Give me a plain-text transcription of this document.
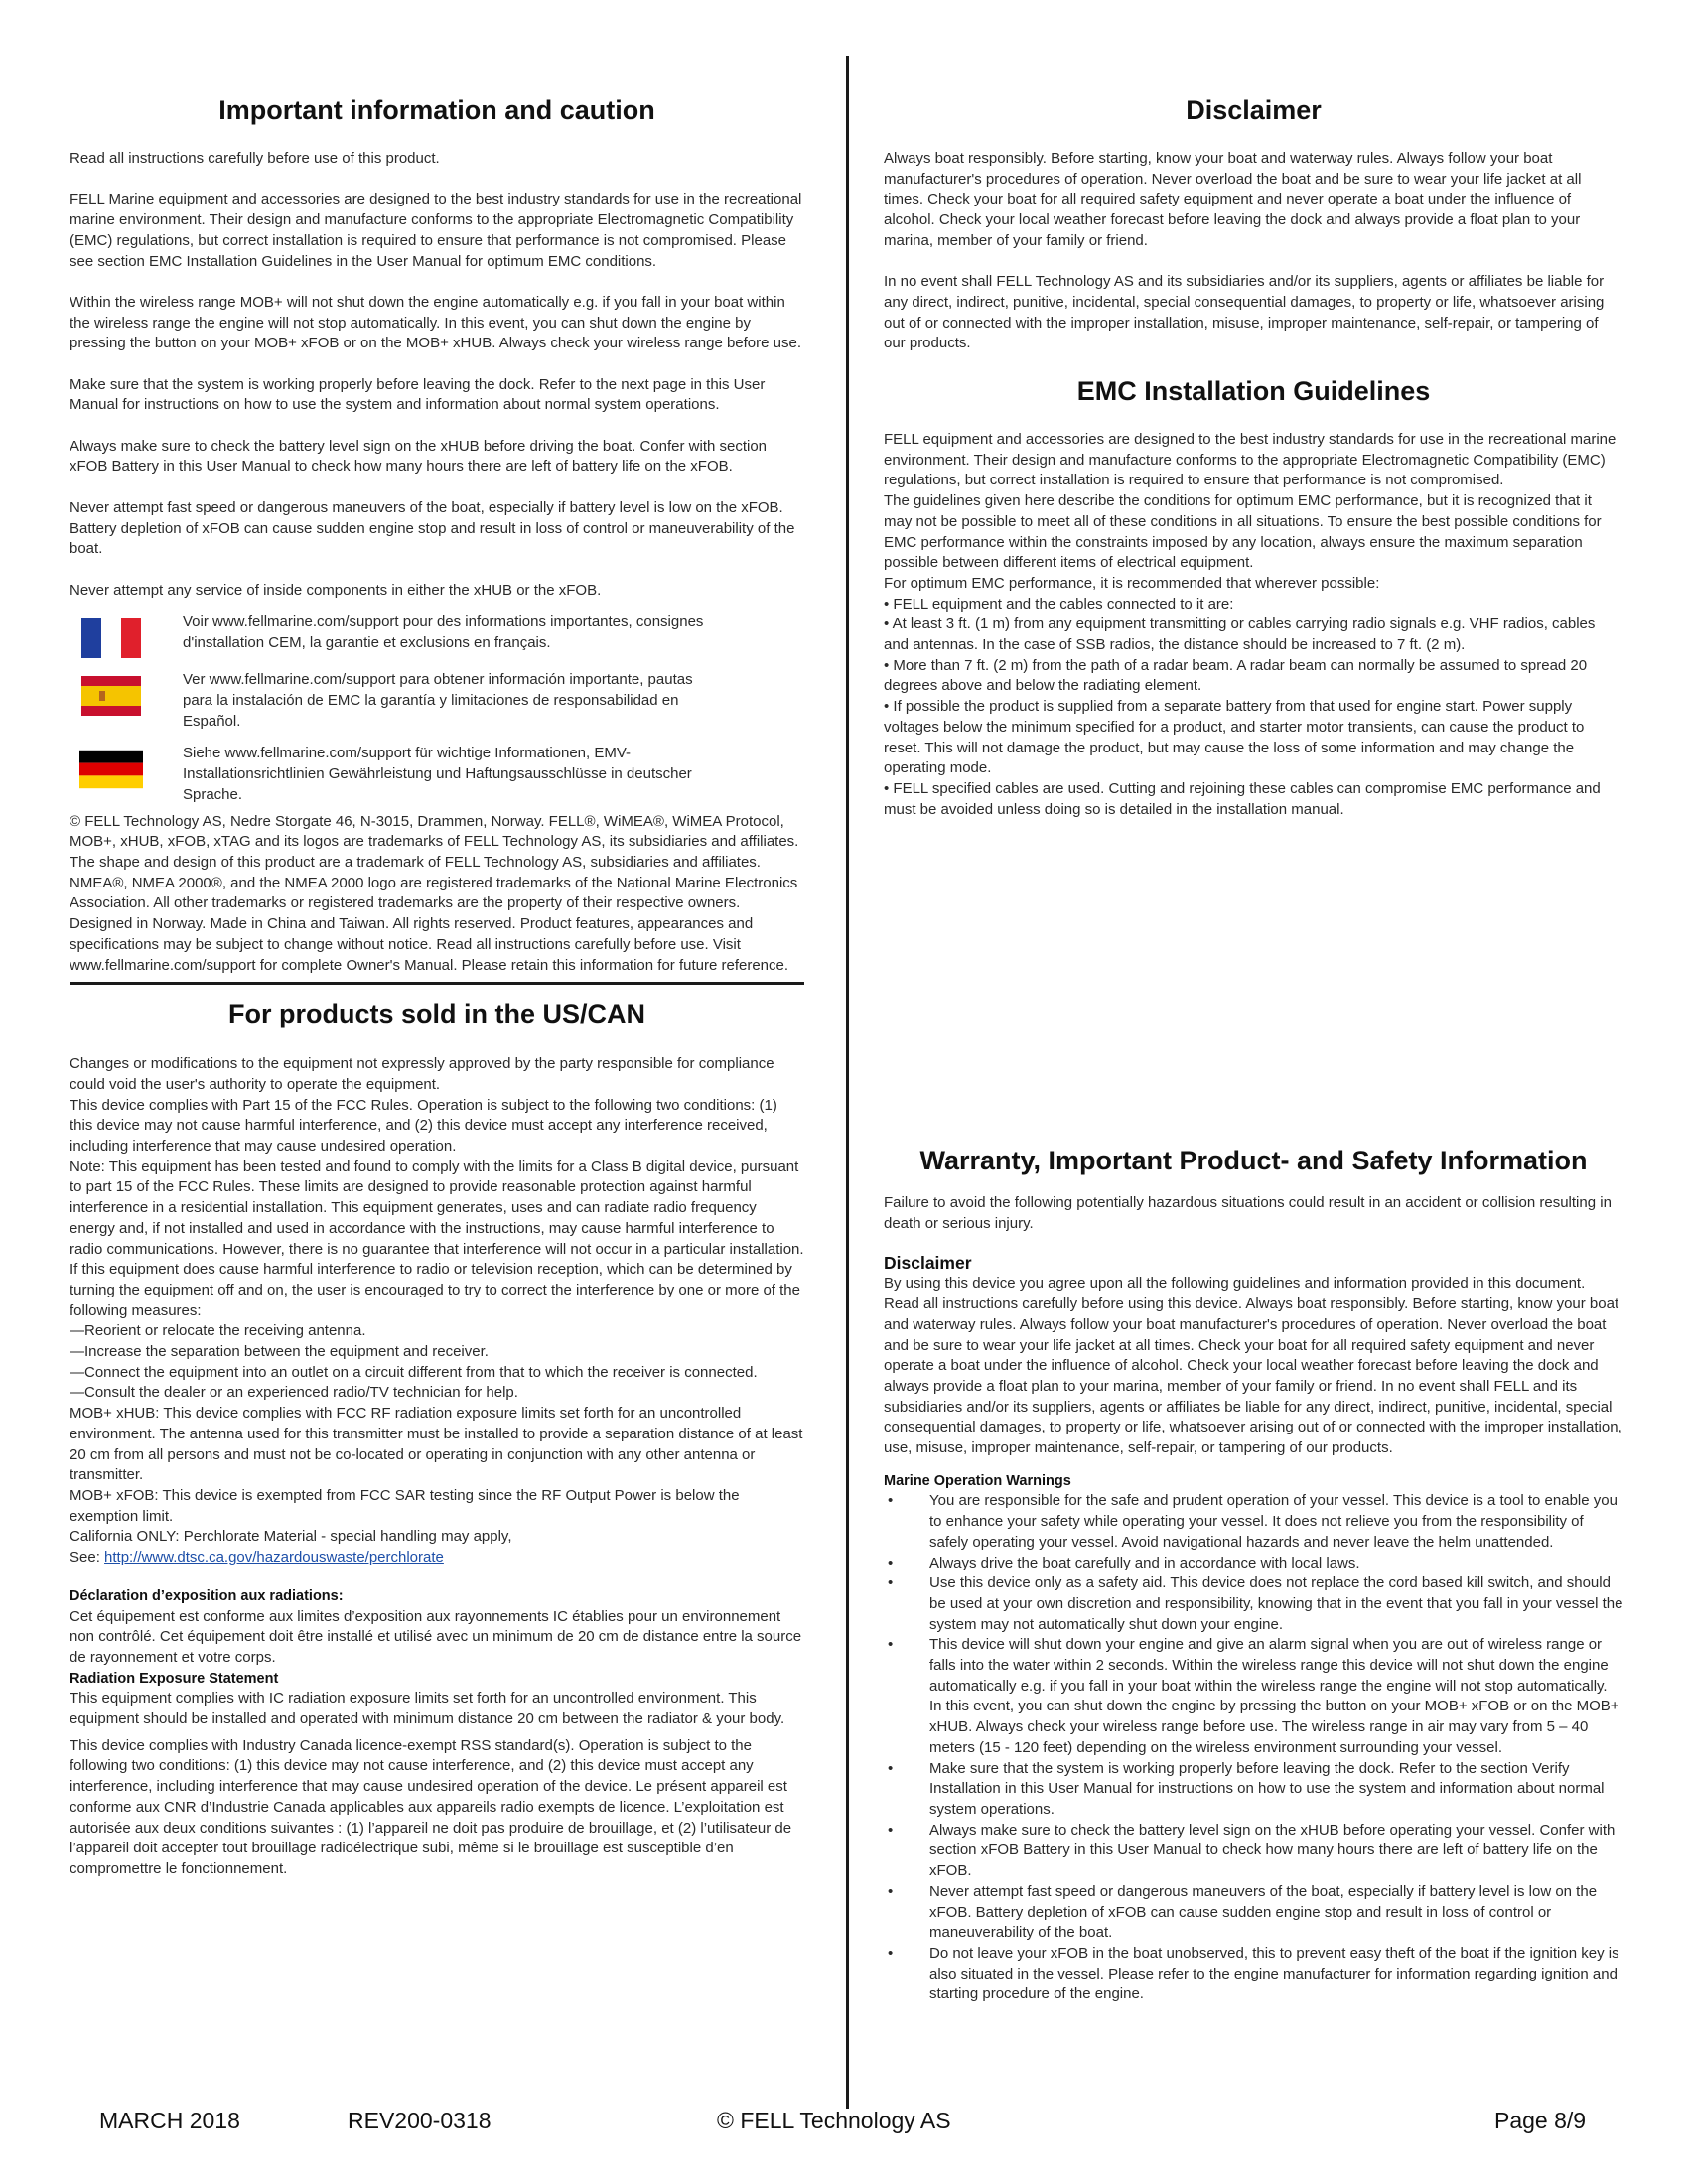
Important information and caution

Read all instructions carefully before use of this product.

FELL Marine equipment and accessories are designed to the best industry standards for use in the recreational marine environment. Their design and manufacture conforms to the appropriate Electromagnetic Compatibility (EMC) regulations, but correct installation is required to ensure that performance is not compromised. Please see section EMC Installation Guidelines in the User Manual for optimum EMC conditions.

Within the wireless range MOB+ will not shut down the engine automatically e.g. if you fall in your boat within the wireless range the engine will not stop automatically. In this event, you can shut down the engine by pressing the button on your MOB+ xFOB or on the MOB+ xHUB. Always check your wireless range before use.

Make sure that the system is working properly before leaving the dock. Refer to the next page in this User Manual for instructions on how to use the system and information about normal system operations.

Always make sure to check the battery level sign on the xHUB before driving the boat. Confer with section xFOB Battery in this User Manual to check how many hours there are left of battery life on the xFOB.

Never attempt fast speed or dangerous maneuvers of the boat, especially if battery level is low on the xFOB. Battery depletion of xFOB can cause sudden engine stop and result in loss of control or maneuverability of the boat.

Never attempt any service of inside components in either the xHUB or the xFOB.

Voir www.fellmarine.com/support pour des informations importantes, consignes d'installation CEM, la garantie et exclusions en français.

Ver www.fellmarine.com/support para obtener información importante, pautas para la instalación de EMC la garantía y limitaciones de responsabilidad en Español.

Siehe www.fellmarine.com/support für wichtige Informationen, EMV-Installationsrichtlinien Gewährleistung und Haftungsausschlüsse in deutscher Sprache.

© FELL Technology AS, Nedre Storgate 46, N-3015, Drammen, Norway. FELL®, WiMEA®, WiMEA Protocol, MOB+, xHUB, xFOB, xTAG and its logos are trademarks of FELL Technology AS, its subsidiaries and affiliates. The shape and design of this product are a trademark of FELL Technology AS, subsidiaries and affiliates. NMEA®, NMEA 2000®, and the NMEA 2000 logo are registered trademarks of the National Marine Electronics Association. All other trademarks or registered trademarks are the property of their respective owners. Designed in Norway. Made in China and Taiwan. All rights reserved. Product features, appearances and specifications may be subject to change without notice. Read all instructions carefully before use. Visit www.fellmarine.com/support for complete Owner's Manual. Please retain this information for future reference.

For products sold in the US/CAN

Changes or modifications to the equipment not expressly approved by the party responsible for compliance could void the user's authority to operate the equipment.

This device complies with Part 15 of the FCC Rules. Operation is subject to the following two conditions: (1) this device may not cause harmful interference, and (2) this device must accept any interference received, including interference that may cause undesired operation.

Note: This equipment has been tested and found to comply with the limits for a Class B digital device, pursuant to part 15 of the FCC Rules. These limits are designed to provide reasonable protection against harmful interference in a residential installation. This equipment generates, uses and can radiate radio frequency energy and, if not installed and used in accordance with the instructions, may cause harmful interference to radio communications. However, there is no guarantee that interference will not occur in a particular installation. If this equipment does cause harmful interference to radio or television reception, which can be determined by turning the equipment off and on, the user is encouraged to try to correct the interference by one or more of the following measures:

—Reorient or relocate the receiving antenna.

—Increase the separation between the equipment and receiver.

—Connect the equipment into an outlet on a circuit different from that to which the receiver is connected.

—Consult the dealer or an experienced radio/TV technician for help.

MOB+ xHUB: This device complies with FCC RF radiation exposure limits set forth for an uncontrolled environment. The antenna used for this transmitter must be installed to provide a separation distance of at least 20 cm from all persons and must not be co-located or operating in conjunction with any other antenna or transmitter.

MOB+ xFOB: This device is exempted from FCC SAR testing since the RF Output Power is below the exemption limit.

California ONLY: Perchlorate Material - special handling may apply,

See: http://www.dtsc.ca.gov/hazardouswaste/perchlorate

Déclaration d’exposition aux radiations:

Cet équipement est conforme aux limites d’exposition aux rayonnements IC établies pour un environnement non contrôlé. Cet équipement doit être installé et utilisé avec un minimum de 20 cm de distance entre la source de rayonnement et votre corps.

Radiation Exposure Statement

This equipment complies with IC radiation exposure limits set forth for an uncontrolled environment. This equipment should be installed and operated with minimum distance 20 cm between the radiator & your body.

This device complies with Industry Canada licence-exempt RSS standard(s). Operation is subject to the following two conditions: (1) this device may not cause interference, and (2) this device must accept any interference, including interference that may cause undesired operation of the device. Le présent appareil est conforme aux CNR d’Industrie Canada applicables aux appareils radio exempts de licence. L’exploitation est autorisée aux deux conditions suivantes : (1) l’appareil ne doit pas produire de brouillage, et (2) l’utilisateur de l’appareil doit accepter tout brouillage radioélectrique subi, même si le brouillage est susceptible d’en compromettre le fonctionnement.

Disclaimer

Always boat responsibly. Before starting, know your boat and waterway rules. Always follow your boat manufacturer's procedures of operation. Never overload the boat and be sure to wear your life jacket at all times. Check your boat for all required safety equipment and never operate a boat under the influence of alcohol. Check your local weather forecast before leaving the dock and always provide a float plan to your marina, member of your family or friend.

In no event shall FELL Technology AS and its subsidiaries and/or its suppliers, agents or affiliates be liable for any direct, indirect, punitive, incidental, special consequential damages, to property or life, whatsoever arising out of or connected with the improper installation, misuse, improper maintenance, self-repair, or tampering of our products.

EMC Installation Guidelines

FELL equipment and accessories are designed to the best industry standards for use in the recreational marine environment. Their design and manufacture conforms to the appropriate Electromagnetic Compatibility (EMC) regulations, but correct installation is required to ensure that performance is not compromised.

The guidelines given here describe the conditions for optimum EMC performance, but it is recognized that it may not be possible to meet all of these conditions in all situations. To ensure the best possible conditions for EMC performance within the constraints imposed by any location, always ensure the maximum separation possible between different items of electrical equipment.

For optimum EMC performance, it is recommended that wherever possible:

• FELL equipment and the cables connected to it are:

• At least 3 ft. (1 m) from any equipment transmitting or cables carrying radio signals e.g. VHF radios, cables and antennas. In the case of SSB radios, the distance should be increased to 7 ft. (2 m).

• More than 7 ft. (2 m) from the path of a radar beam. A radar beam can normally be assumed to spread 20 degrees above and below the radiating element.

• If possible the product is supplied from a separate battery from that used for engine start. Power supply voltages below the minimum specified for a product, and starter motor transients, can cause the product to reset. This will not damage the product, but may cause the loss of some information and may change the operating mode.

• FELL specified cables are used. Cutting and rejoining these cables can compromise EMC performance and must be avoided unless doing so is detailed in the installation manual.

Warranty, Important Product- and Safety Information

Failure to avoid the following potentially hazardous situations could result in an accident or collision resulting in death or serious injury.

Disclaimer

By using this device you agree upon all the following guidelines and information provided in this document. Read all instructions carefully before using this device. Always boat responsibly. Before starting, know your boat and waterway rules. Always follow your boat manufacturer's procedures of operation. Never overload the boat and be sure to wear your life jacket at all times. Check your boat for all required safety equipment and never operate a boat under the influence of alcohol. Check your local weather forecast before leaving the dock and always provide a float plan to your marina, member of your family or friend. In no event shall FELL and its subsidiaries and/or its suppliers, agents or affiliates be liable for any direct, indirect, punitive, incidental, special consequential damages, to property or life, whatsoever arising out of or connected with the improper installation, use, misuse, improper maintenance, self-repair, or tampering of our products.

Marine Operation Warnings

• You are responsible for the safe and prudent operation of your vessel. This device is a tool to enable you to enhance your safety while operating your vessel. It does not relieve you from the responsibility of safely operating your vessel. Avoid navigational hazards and never leave the helm unattended.
• Always drive the boat carefully and in accordance with local laws.
• Use this device only as a safety aid. This device does not replace the cord based kill switch, and should be used at your own discretion and responsibility, knowing that in the event that you fall in your vessel the system may not automatically shut down your engine.
• This device will shut down your engine and give an alarm signal when you are out of wireless range or falls into the water within 2 seconds. Within the wireless range this device will not shut down the engine automatically e.g. if you fall in your boat within the wireless range the engine will not stop automatically. In this event, you can shut down the engine by pressing the button on your MOB+ xFOB or on the MOB+ xHUB. Always check your wireless range before use. The wireless range in air may vary from 5 – 40 meters (15 - 120 feet) depending on the wireless environment surrounding your vessel.
• Make sure that the system is working properly before leaving the dock. Refer to the section Verify Installation in this User Manual for instructions on how to use the system and information about normal system operations.
• Always make sure to check the battery level sign on the xHUB before operating your vessel. Confer with section xFOB Battery in this User Manual to check how many hours there are left of battery life on the xFOB.
• Never attempt fast speed or dangerous maneuvers of the boat, especially if battery level is low on the xFOB. Battery depletion of xFOB can cause sudden engine stop and result in loss of control or maneuverability of the boat.
• Do not leave your xFOB in the boat unobserved, this to prevent easy theft of the boat if the ignition key is also situated in the vessel. Please refer to the engine manufacturer for information regarding ignition and starting procedure of the engine.
MARCH 2018	REV200-0318	© FELL Technology AS	Page 8/9
